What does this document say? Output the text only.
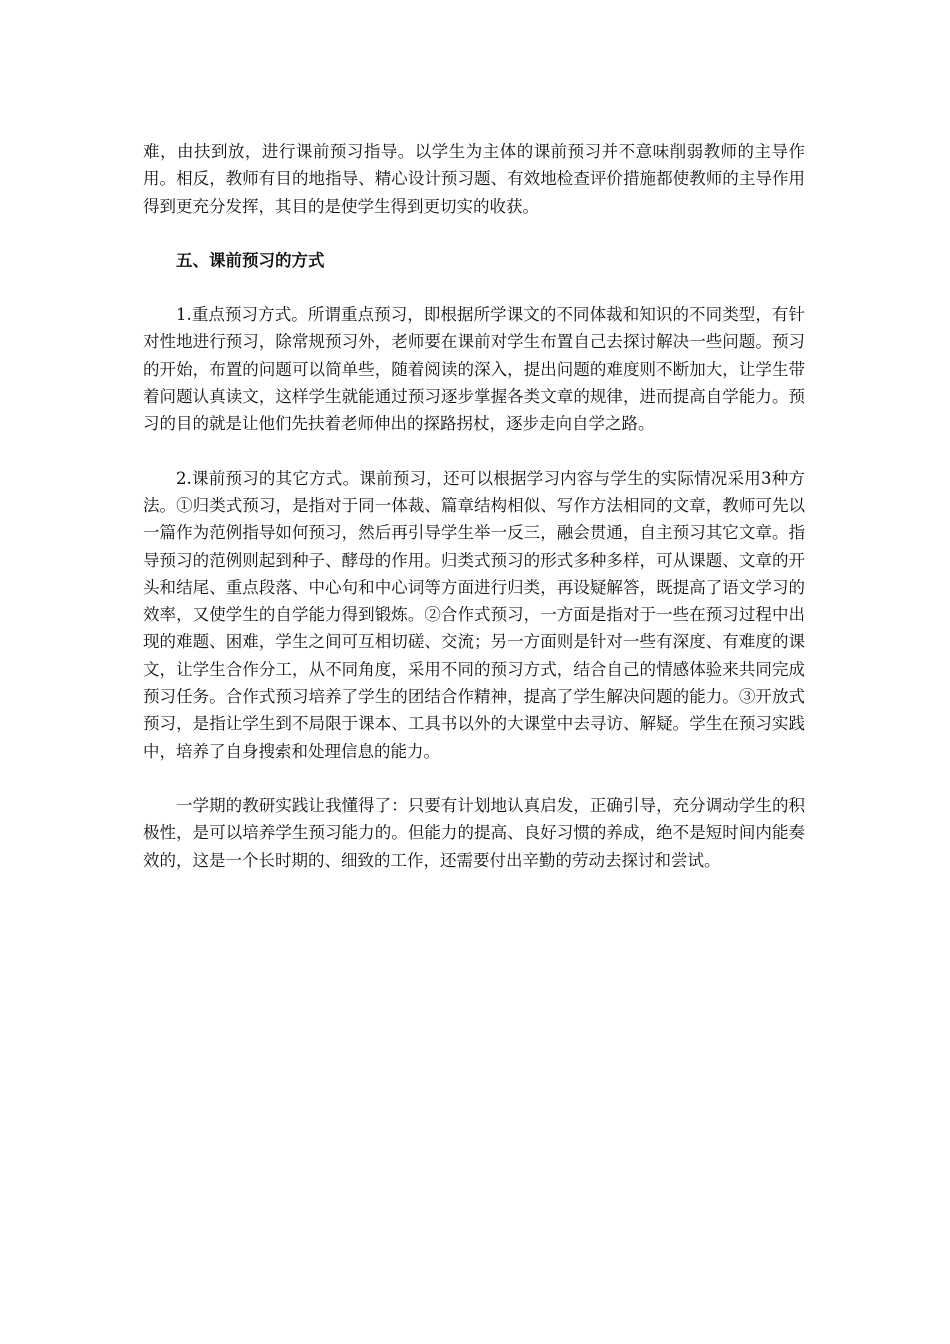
难，由扶到放，进行课前预习指导。以学生为主体的课前预习并不意味削弱教师的主导作用。相反，教师有目的地指导、精心设计预习题、有效地检查评价措施都使教师的主导作用得到更充分发挥，其目的是使学生得到更切实的收获。

五、课前预习的方式

1.重点预习方式。所谓重点预习，即根据所学课文的不同体裁和知识的不同类型，有针对性地进行预习，除常规预习外，老师要在课前对学生布置自己去探讨解决一些问题。预习的开始，布置的问题可以简单些，随着阅读的深入，提出问题的难度则不断加大，让学生带着问题认真读文，这样学生就能通过预习逐步掌握各类文章的规律，进而提高自学能力。预习的目的就是让他们先扶着老师伸出的探路拐杖，逐步走向自学之路。

2.课前预习的其它方式。课前预习，还可以根据学习内容与学生的实际情况采用3种方法。①归类式预习，是指对于同一体裁、篇章结构相似、写作方法相同的文章，教师可先以一篇作为范例指导如何预习，然后再引导学生举一反三，融会贯通，自主预习其它文章。指导预习的范例则起到种子、酵母的作用。归类式预习的形式多种多样，可从课题、文章的开头和结尾、重点段落、中心句和中心词等方面进行归类，再设疑解答，既提高了语文学习的效率，又使学生的自学能力得到锻炼。②合作式预习，一方面是指对于一些在预习过程中出现的难题、困难，学生之间可互相切磋、交流；另一方面则是针对一些有深度、有难度的课文，让学生合作分工，从不同角度，采用不同的预习方式，结合自己的情感体验来共同完成预习任务。合作式预习培养了学生的团结合作精神，提高了学生解决问题的能力。③开放式预习，是指让学生到不局限于课本、工具书以外的大课堂中去寻访、解疑。学生在预习实践中，培养了自身搜索和处理信息的能力。

一学期的教研实践让我懂得了：只要有计划地认真启发，正确引导，充分调动学生的积极性，是可以培养学生预习能力的。但能力的提高、良好习惯的养成，绝不是短时间内能奏效的，这是一个长时期的、细致的工作，还需要付出辛勤的劳动去探讨和尝试。
